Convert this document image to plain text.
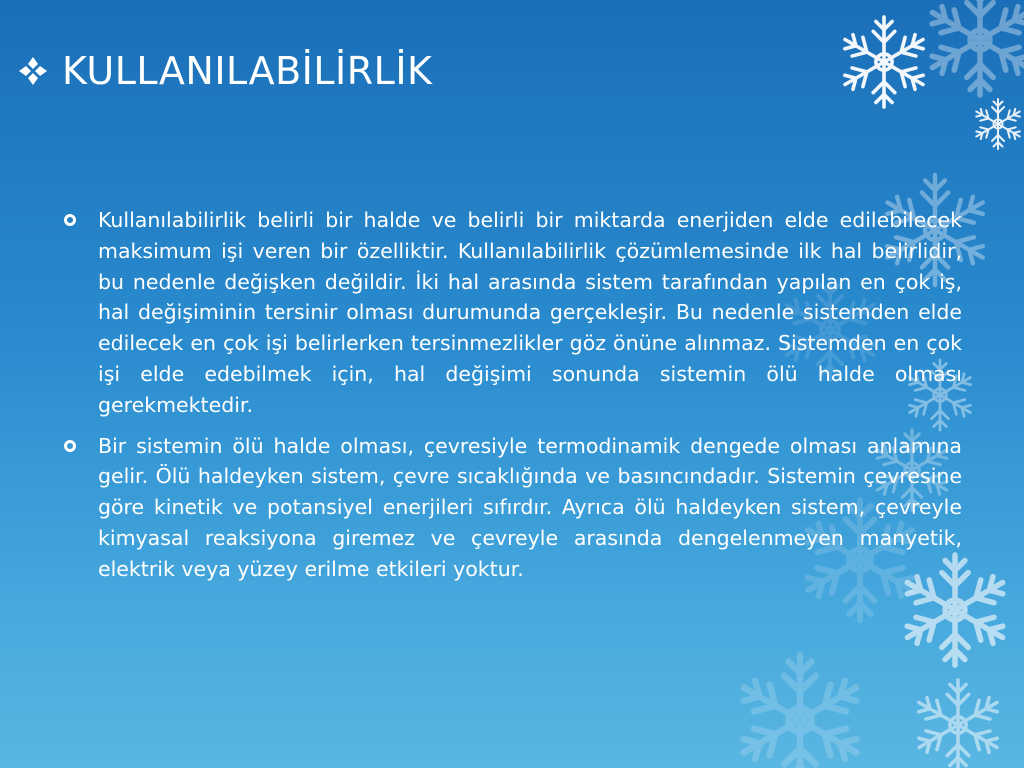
KULLANILABİLİRLİK

Kullanılabilirlik belirli bir halde ve belirli bir miktarda enerjiden elde edilebilecek maksimum işi veren bir özelliktir. Kullanılabilirlik çözümlemesinde ilk hal belirlidir, bu nedenle değişken değildir. İki hal arasında sistem tarafından yapılan en çok iş, hal değişiminin tersinir olması durumunda gerçekleşir. Bu nedenle sistemden elde edilecek en çok işi belirlerken tersinmezlikler göz önüne alınmaz. Sistemden en çok işi elde edebilmek için, hal değişimi sonunda sistemin ölü halde olması gerekmektedir.

Bir sistemin ölü halde olması, çevresiyle termodinamik dengede olması anlamına gelir. Ölü haldeyken sistem, çevre sıcaklığında ve basıncındadır. Sistemin çevresine göre kinetik ve potansiyel enerjileri sıfırdır. Ayrıca ölü haldeyken sistem, çevreyle kimyasal reaksiyona giremez ve çevreyle arasında dengelenmeyen manyetik, elektrik veya yüzey erilme etkileri yoktur.
